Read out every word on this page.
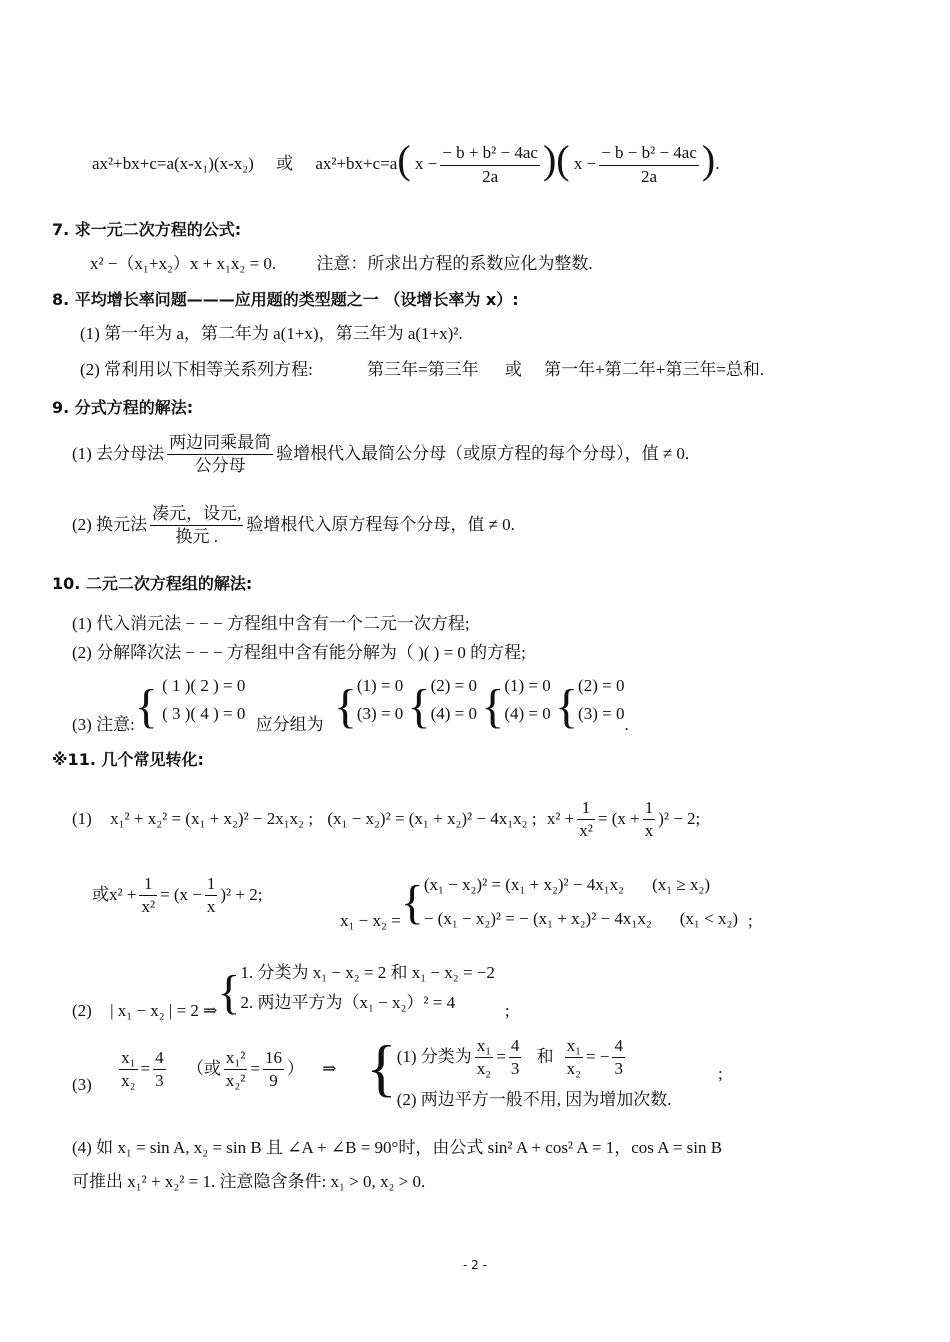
ax²+bx+c=a(x-x₁)(x-x₂) 或 ax²+bx+c=a( $x - \frac{\text{− b + b² − 4ac}}{2a}$ )( $x - \frac{\text{− b − b² − 4ac}}{2a}$ ).
7. 求一元二次方程的公式:
x² −（x₁+x₂）x + x₁x₂ = 0. 注意：所求出方程的系数应化为整数.
8. 平均增长率问题———应用题的类型题之一 （设增长率为 x）:
(1) 第一年为 a，第二年为 a(1+x)，第三年为 a(1+x)².
(2) 常利用以下相等关系列方程:	第三年=第三年 或 第一年+第二年+第三年=总和.
9. 分式方程的解法:
(1) 去分母法 $\frac{\text{两边同乘最简}}{\text{公分母}}$ 验增根代入最简公分母（或原方程的每个分母），值 ≠ 0.
(2) 换元法 $\frac{\text{凑元，设元,}}{\text{换元 .}}$ 验增根代入原方程每个分母，值 ≠ 0.
10. 二元二次方程组的解法:
(1) 代入消元法 − − − 方程组中含有一个二元一次方程;
(2) 分解降次法 − − − 方程组中含有能分解为（ )( ) = 0 的方程;
(3) 注意:{ ( 1 )( 2 ) = 0
( 3 )( 4 ) = 0
应分组为 { (1) = 0
(3) = 0 { (2) = 0
(4) = 0 { (1) = 0
(4) = 0 { (2) = 0
(3) = 0
.
※11. 几个常见转化:
(1) x₁² + x₂² = (x₁ + x₂)² − 2x₁x₂ ; (x₁ − x₂)² = (x₁ + x₂)² − 4x₁x₂ ; $x^2 + \frac{1}{\text{x²}} = (x + \frac{1}{x} )^2 - 2$;
或$x^2 + \frac{1}{\text{x²}} = (x - \frac{1}{x} )^2 + 2$;
x₁ − x₂ ={ (x₁ − x₂)² = (x₁ + x₂)² − 4x₁x₂ (x₁ ≥ x₂)
− (x₁ − x₂)² = − (x₁ + x₂)² − 4x₁x₂ (x₁ < x₂) ;
(2) | x₁ − x₂ | = 2 ⇒{ 1. 分类为 x₁ − x₂ = 2 和 x₁ − x₂ = −2
2. 两边平方为（x₁ − x₂）² = 4	;
$(3) \frac{\text{x₁}}{\text{x₂}} = \frac{4}{3}$ （或 $\frac{\text{x₁²}}{\text{x₂²}} = \frac{16}{9}$ ） ⇒ { (1) 分类为 $\frac{\text{x₁}}{\text{x₂}} = \frac{4}{3}$ 和 $\frac{\text{x₁}}{\text{x₂}}$ = − $\frac{4}{3}$
(2) 两边平方一般不用, 因为增加次数.
;
(4) 如 x₁ = sin A, x₂ = sin B 且 ∠A + ∠B = 90°时，由公式 sin² A + cos² A = 1，cos A = sin B
可推出 x₁² + x₂² = 1. 注意隐含条件: x₁ > 0, x₂ > 0.
- 2 -
